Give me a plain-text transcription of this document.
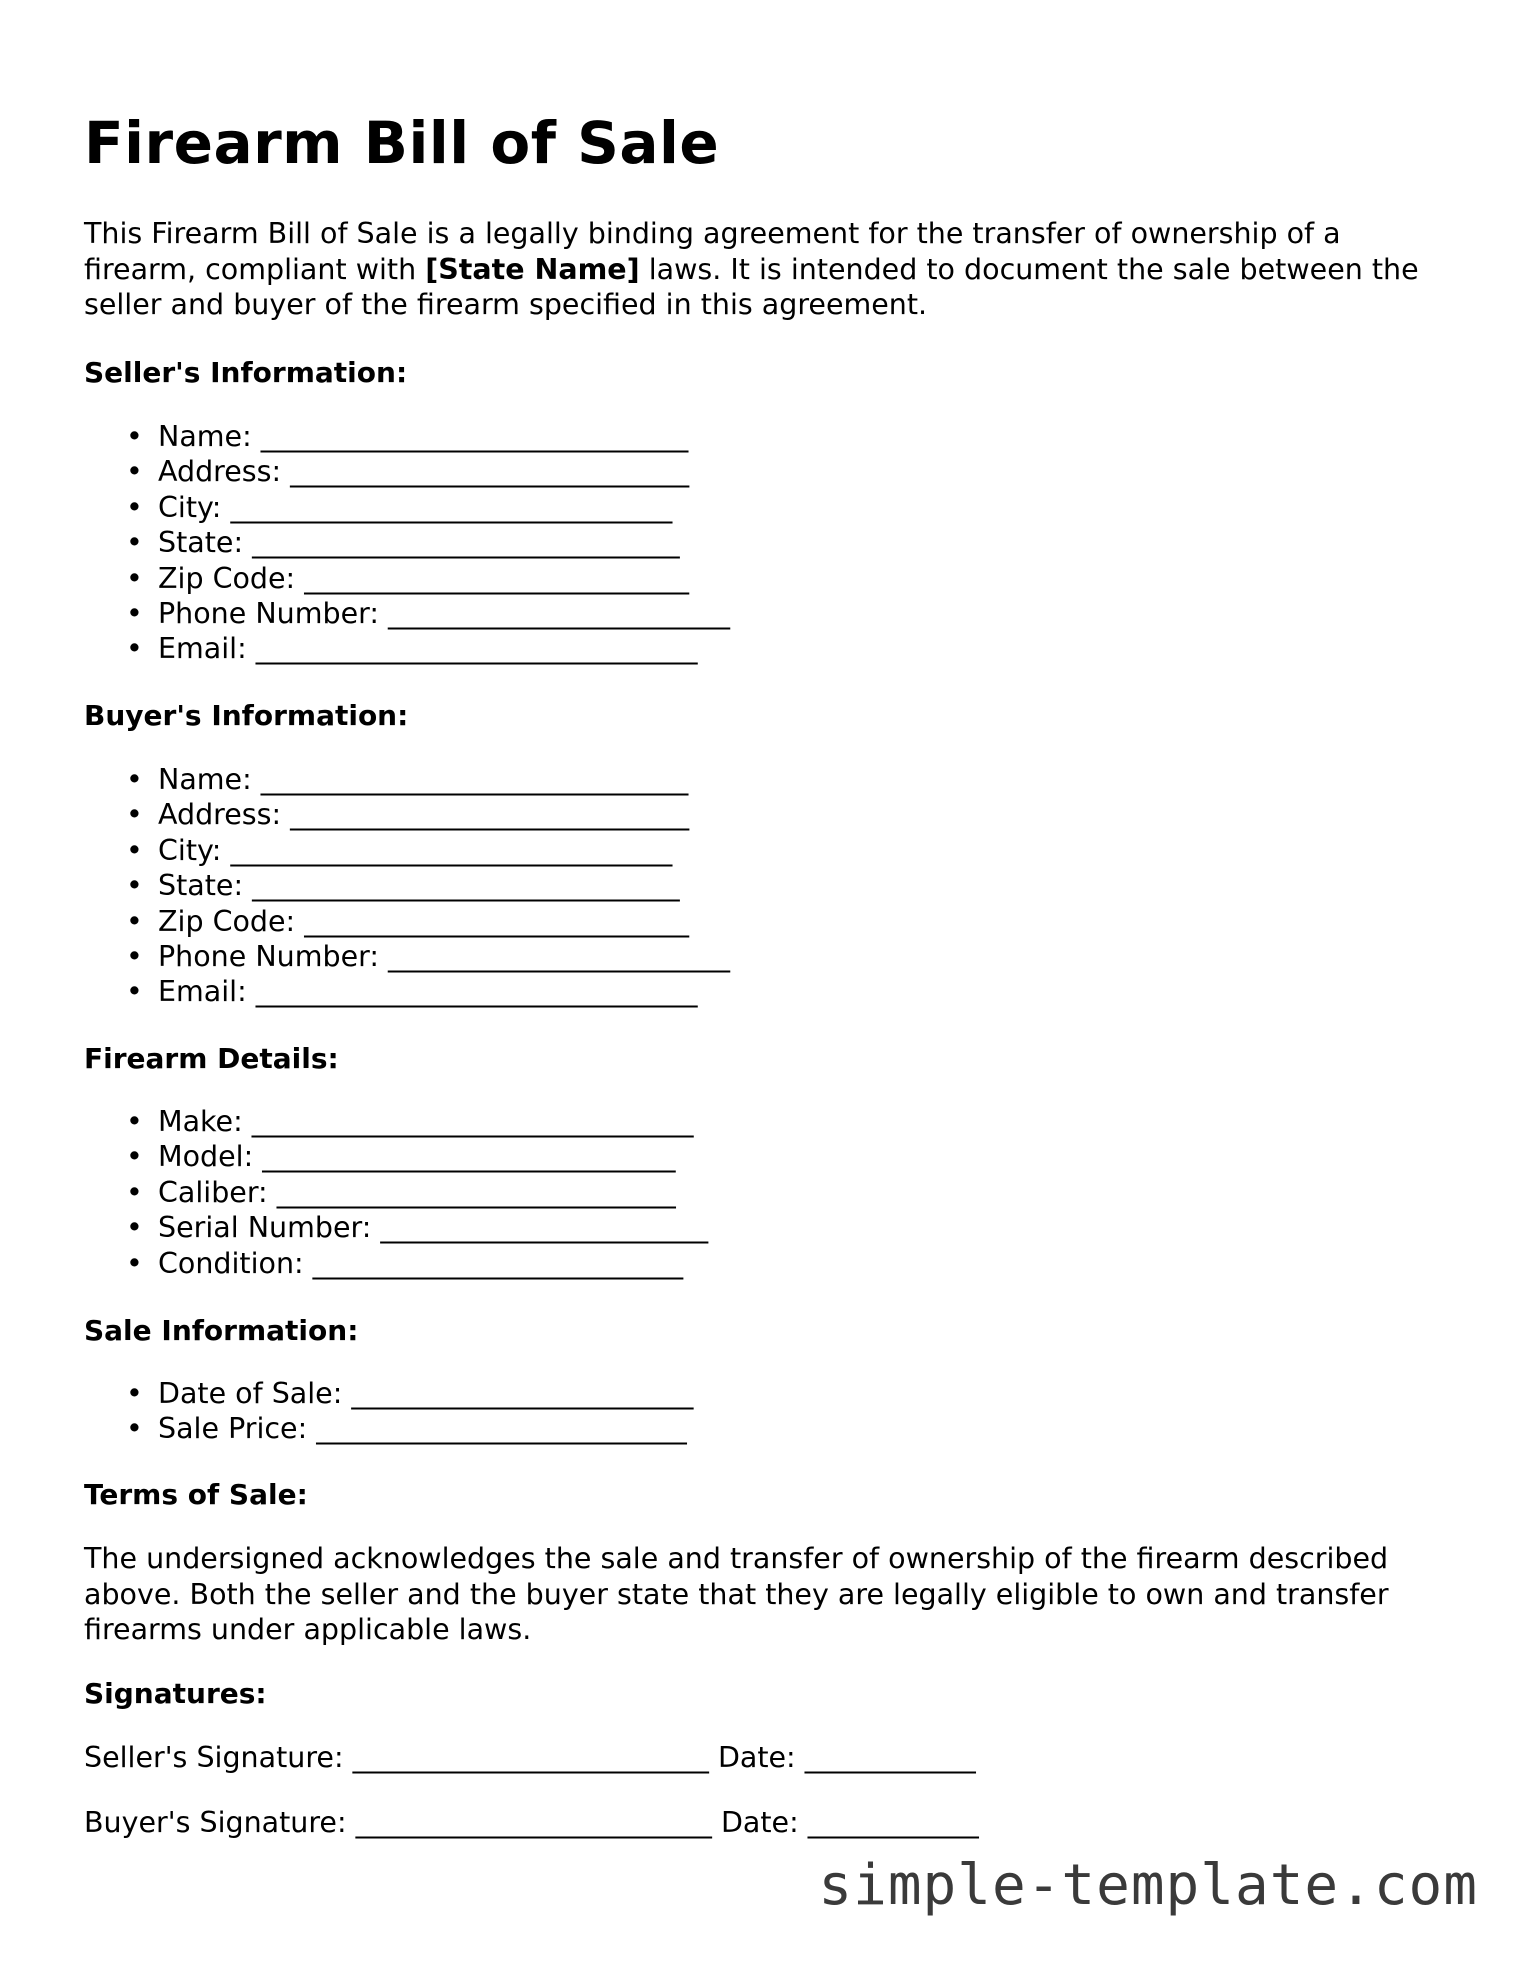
Firearm Bill of Sale

This Firearm Bill of Sale is a legally binding agreement for the transfer of ownership of a firearm, compliant with [State Name] laws. It is intended to document the sale between the seller and buyer of the firearm specified in this agreement.

Seller's Information:
• Name: ______________________________
• Address: ____________________________
• City: _______________________________
• State: ______________________________
• Zip Code: ___________________________
• Phone Number: ________________________
• Email: _______________________________
Buyer's Information:
• Name: ______________________________
• Address: ____________________________
• City: _______________________________
• State: ______________________________
• Zip Code: ___________________________
• Phone Number: ________________________
• Email: _______________________________
Firearm Details:
• Make: _______________________________
• Model: _____________________________
• Caliber: ____________________________
• Serial Number: _______________________
• Condition: __________________________
Sale Information:
• Date of Sale: ________________________
• Sale Price: __________________________
Terms of Sale:

The undersigned acknowledges the sale and transfer of ownership of the firearm described above. Both the seller and the buyer state that they are legally eligible to own and transfer firearms under applicable laws.

Signatures:

Seller's Signature: _________________________ Date: ____________

Buyer's Signature: _________________________ Date: ____________

simple-template.com
